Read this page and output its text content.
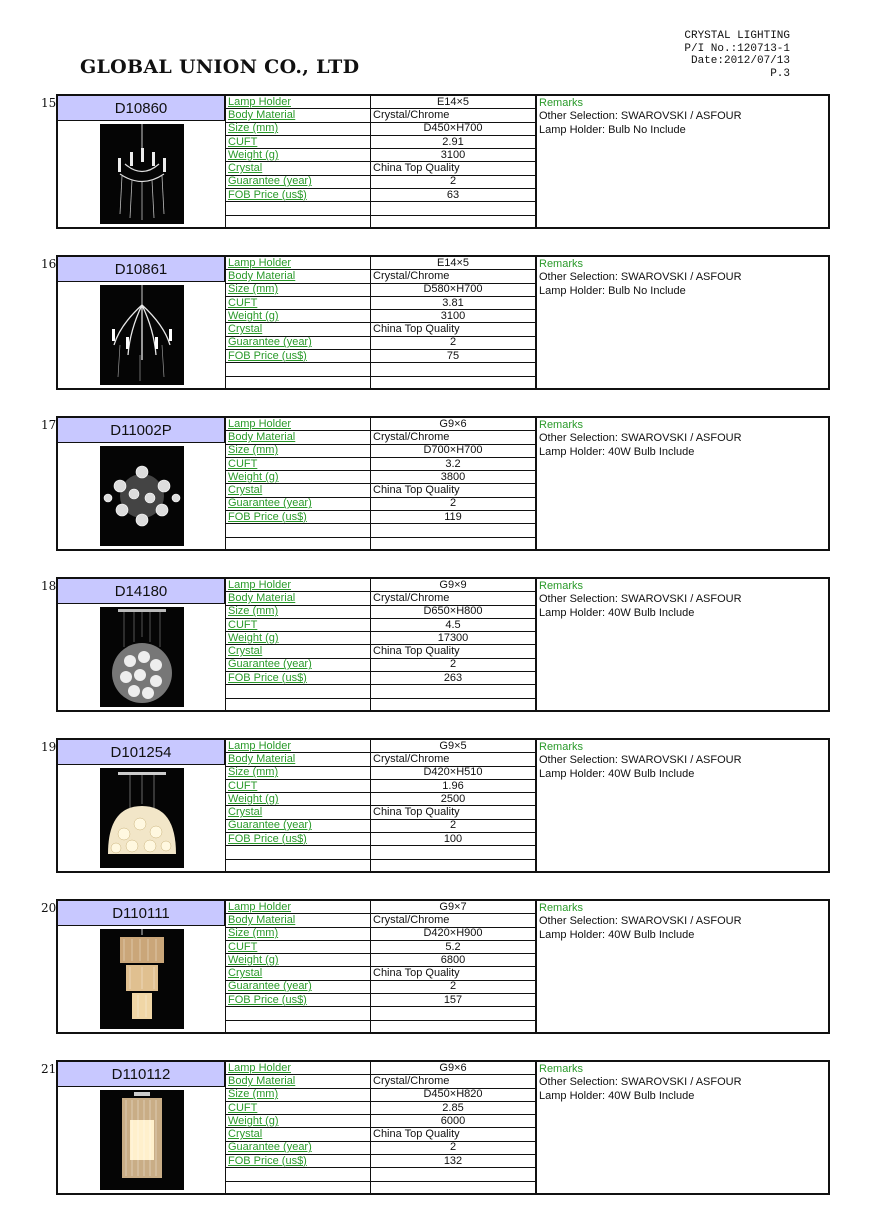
GLOBAL UNION CO., LTD
CRYSTAL LIGHTING
P/I No.:120713-1
Date:2012/07/13
P.3
15	D10860	Lamp Holder	E14×5
Body Material	Crystal/Chrome
Size (mm)	D450×H700
CUFT	2.91
Weight (g)	3100
Crystal	China Top Quality
Guarantee (year)	2
FOB Price (us$)	63

Remarks
Other Selection: SWAROVSKI / ASFOUR
Lamp Holder: Bulb No Include
16	D10861	Lamp Holder	E14×5
Body Material	Crystal/Chrome
Size (mm)	D580×H700
CUFT	3.81
Weight (g)	3100
Crystal	China Top Quality
Guarantee (year)	2
FOB Price (us$)	75

Remarks
Other Selection: SWAROVSKI / ASFOUR
Lamp Holder: Bulb No Include
17	D11002P	Lamp Holder	G9×6
Body Material	Crystal/Chrome
Size (mm)	D700×H700
CUFT	3.2
Weight (g)	3800
Crystal	China Top Quality
Guarantee (year)	2
FOB Price (us$)	119

Remarks
Other Selection: SWAROVSKI / ASFOUR
Lamp Holder: 40W Bulb Include
18	D14180	Lamp Holder	G9×9
Body Material	Crystal/Chrome
Size (mm)	D650×H800
CUFT	4.5
Weight (g)	17300
Crystal	China Top Quality
Guarantee (year)	2
FOB Price (us$)	263

Remarks
Other Selection: SWAROVSKI / ASFOUR
Lamp Holder: 40W Bulb Include
19	D101254	Lamp Holder	G9×5
Body Material	Crystal/Chrome
Size (mm)	D420×H510
CUFT	1.96
Weight (g)	2500
Crystal	China Top Quality
Guarantee (year)	2
FOB Price (us$)	100

Remarks
Other Selection: SWAROVSKI / ASFOUR
Lamp Holder: 40W Bulb Include
20	D110111	Lamp Holder	G9×7
Body Material	Crystal/Chrome
Size (mm)	D420×H900
CUFT	5.2
Weight (g)	6800
Crystal	China Top Quality
Guarantee (year)	2
FOB Price (us$)	157

Remarks
Other Selection: SWAROVSKI / ASFOUR
Lamp Holder: 40W Bulb Include
21	D110112	Lamp Holder	G9×6
Body Material	Crystal/Chrome
Size (mm)	D450×H820
CUFT	2.85
Weight (g)	6000
Crystal	China Top Quality
Guarantee (year)	2
FOB Price (us$)	132

Remarks
Other Selection: SWAROVSKI / ASFOUR
Lamp Holder: 40W Bulb Include
